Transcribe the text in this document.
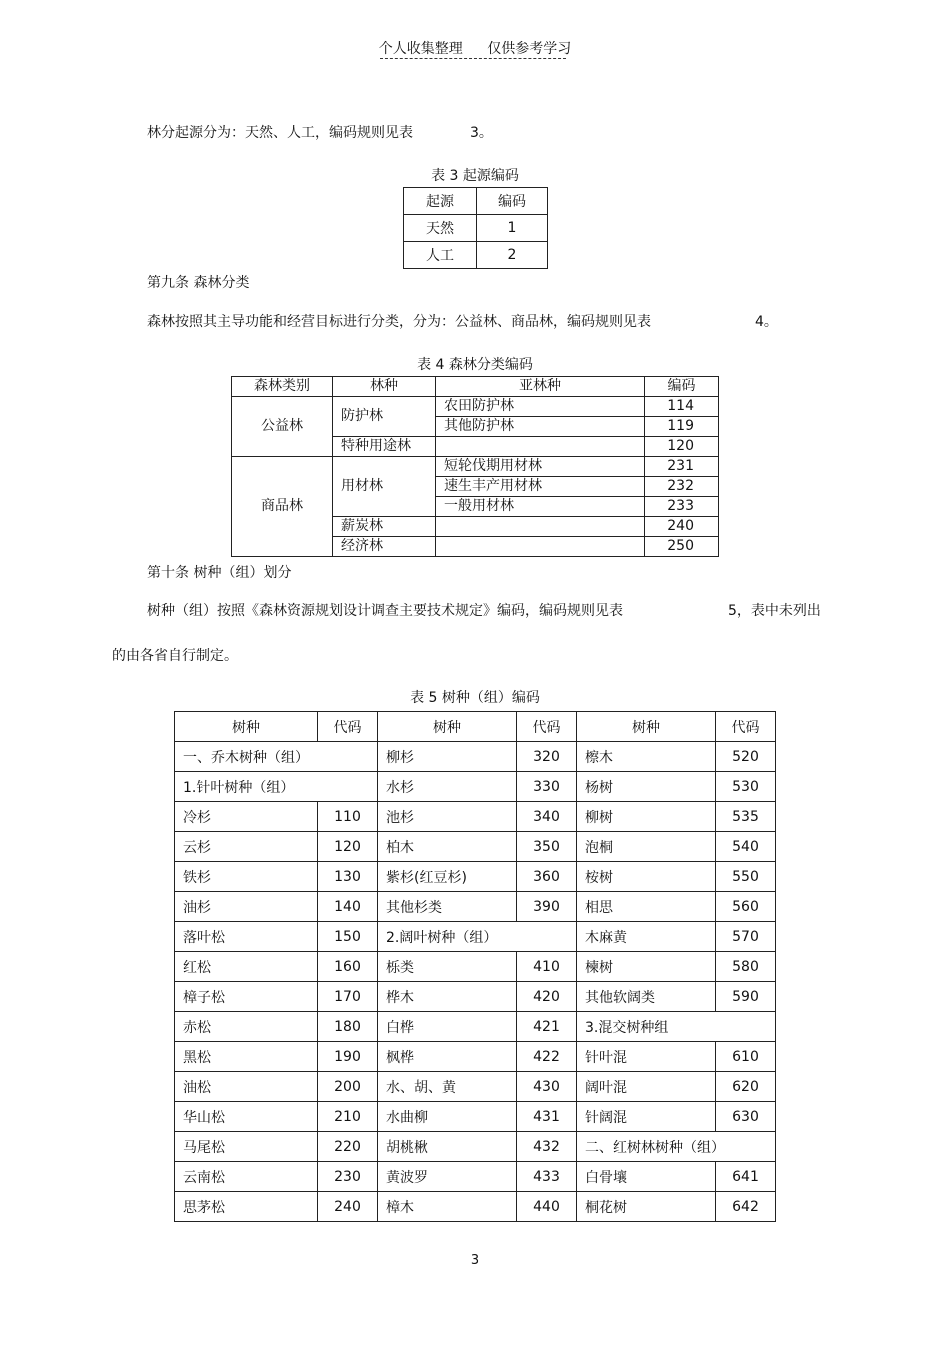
个人收集整理 仅供参考学习
林分起源分为：天然、人工，编码规则见表	3。
表 3 起源编码
起源	编码
天然	1
人工	2
第九条 森林分类
森林按照其主导功能和经营目标进行分类，分为：公益林、商品林，编码规则见表	4。
表 4 森林分类编码
森林类别	林种	亚林种	编码
公益林	防护林	农田防护林	114
		其他防护林	119
	特种用途林		120
商品林	用材林	短轮伐期用材林	231
		速生丰产用材林	232
		一般用材林	233
	薪炭林		240
	经济林		250
第十条 树种（组）划分
树种（组）按照《森林资源规划设计调查主要技术规定》编码，编码规则见表	5，表中未列出
的由各省自行制定。
表 5 树种（组）编码
树种	代码	树种	代码	树种	代码
一、乔木树种（组）		柳杉	320	檫木	520
1.针叶树种（组）		水杉	330	杨树	530
冷杉	110	池杉	340	柳树	535
云杉	120	柏木	350	泡桐	540
铁杉	130	紫杉(红豆杉)	360	桉树	550
油杉	140	其他杉类	390	相思	560
落叶松	150	2.阔叶树种（组）		木麻黄	570
红松	160	栎类	410	楝树	580
樟子松	170	桦木	420	其他软阔类	590
赤松	180	白桦	421	3.混交树种组	
黑松	190	枫桦	422	针叶混	610
油松	200	水、胡、黄	430	阔叶混	620
华山松	210	水曲柳	431	针阔混	630
马尾松	220	胡桃楸	432	二、红树林树种（组）	
云南松	230	黄波罗	433	白骨壤	641
思茅松	240	樟木	440	桐花树	642
3
